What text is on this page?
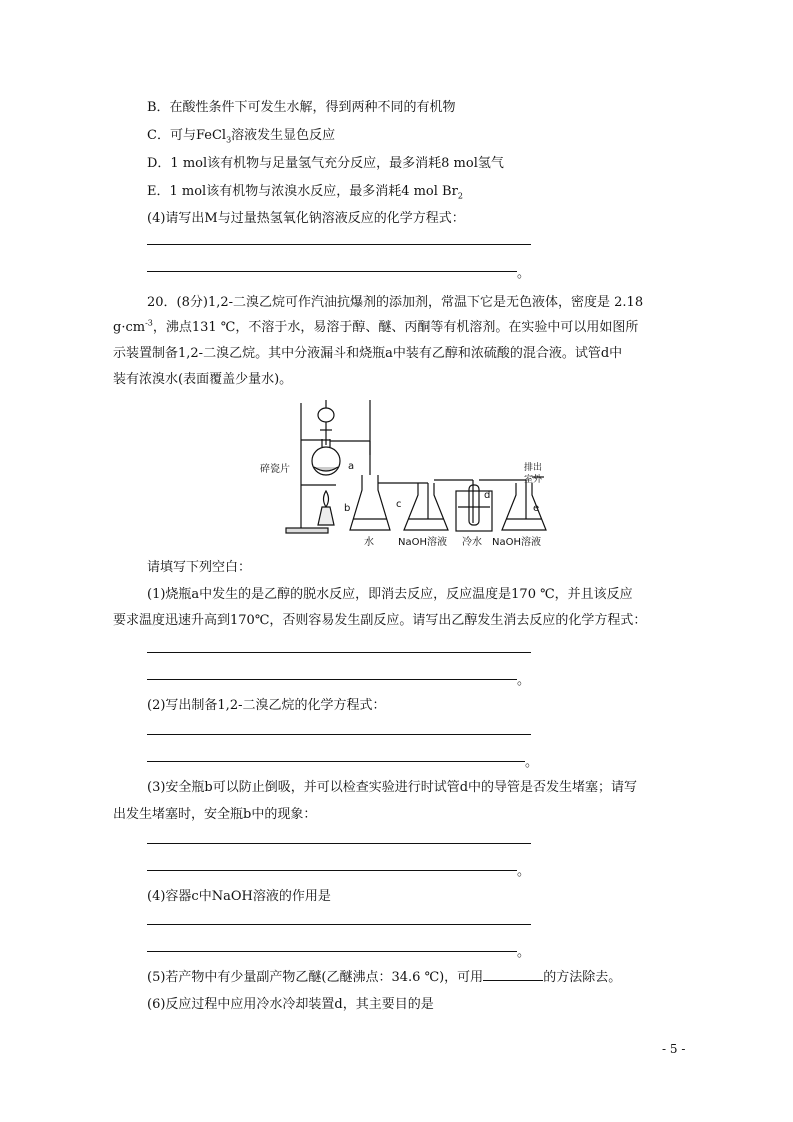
B．在酸性条件下可发生水解，得到两种不同的有机物
C．可与FeCl$_3$溶液发生显色反应
D．1 mol该有机物与足量氢气充分反应，最多消耗8 mol氢气
E．1 mol该有机物与浓溴水反应，最多消耗4 mol $Br_2$
(4)请写出M与过量热氢氧化钠溶液反应的化学方程式：
。
20．(8分)1,2-二溴乙烷可作汽油抗爆剂的添加剂，常温下它是无色液体，密度是 2.18
$g\cdot cm^{-3}$，沸点131 ℃，不溶于水，易溶于醇、醚、丙酮等有机溶剂。在实验中可以用如图所
示装置制备1,2-二溴乙烷。其中分液漏斗和烧瓶a中装有乙醇和浓硫酸的混合液。试管d中
装有浓溴水(表面覆盖少量水)。
碎瓷片	a
b	c
d
e
水 NaOH溶液 冷水 NaOH溶液
排出
室外
请填写下列空白：
(1)烧瓶a中发生的是乙醇的脱水反应，即消去反应，反应温度是170 ℃，并且该反应
要求温度迅速升高到170℃，否则容易发生副反应。请写出乙醇发生消去反应的化学方程式：
。
(2)写出制备1,2-二溴乙烷的化学方程式：
。
(3)安全瓶b可以防止倒吸，并可以检查实验进行时试管d中的导管是否发生堵塞；请写
出发生堵塞时，安全瓶b中的现象：
。
(4)容器c中NaOH溶液的作用是
。
(5)若产物中有少量副产物乙醚(乙醚沸点：34.6 ℃)，可用	的方法除去。
(6)反应过程中应用冷水冷却装置d，其主要目的是
- 5 -
